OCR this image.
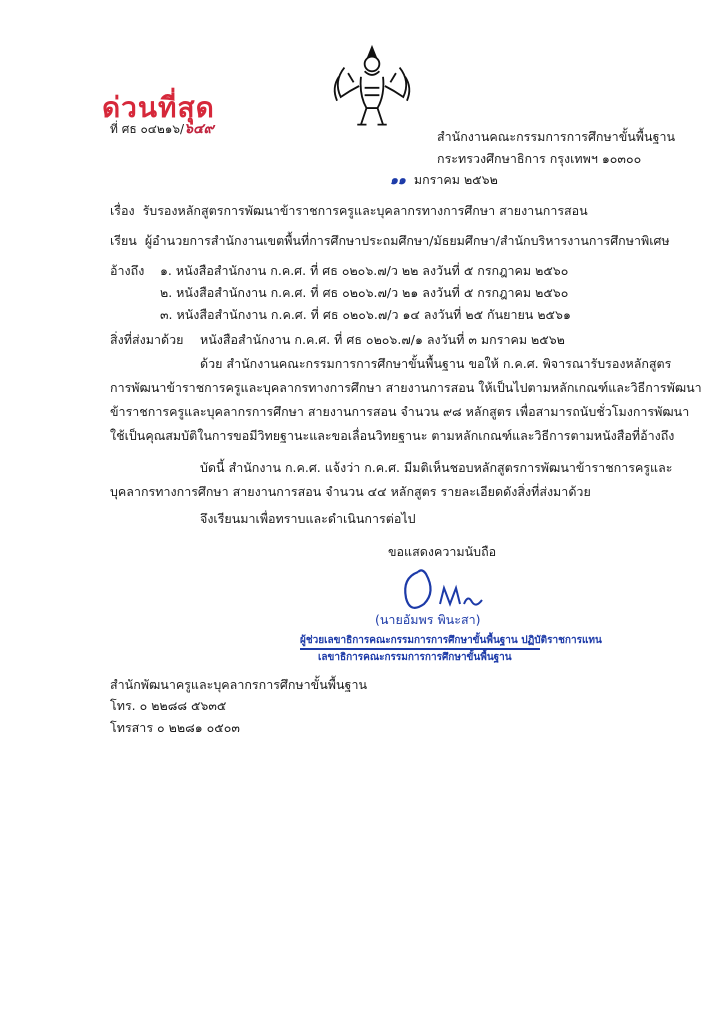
ด่วนที่สุด
ที่ ศธ ๐๔๒๑๖/๖๔๙	สำนักงานคณะกรรมการการศึกษาขั้นพื้นฐาน
กระทรวงศึกษาธิการ กรุงเทพฯ ๑๐๓๐๐
๑๑ มกราคม ๒๕๖๒
เรื่อง รับรองหลักสูตรการพัฒนาข้าราชการครูและบุคลากรทางการศึกษา สายงานการสอน
เรียน ผู้อำนวยการสำนักงานเขตพื้นที่การศึกษาประถมศึกษา/มัธยมศึกษา/สำนักบริหารงานการศึกษาพิเศษ
อ้างถึง ๑. หนังสือสำนักงาน ก.ค.ศ. ที่ ศธ ๐๒๐๖.๗/ว ๒๒ ลงวันที่ ๕ กรกฎาคม ๒๕๖๐
๒. หนังสือสำนักงาน ก.ค.ศ. ที่ ศธ ๐๒๐๖.๗/ว ๒๑ ลงวันที่ ๕ กรกฎาคม ๒๕๖๐
๓. หนังสือสำนักงาน ก.ค.ศ. ที่ ศธ ๐๒๐๖.๗/ว ๑๔ ลงวันที่ ๒๕ กันยายน ๒๕๖๑
สิ่งที่ส่งมาด้วย หนังสือสำนักงาน ก.ค.ศ. ที่ ศธ ๐๒๐๖.๗/๑ ลงวันที่ ๓ มกราคม ๒๕๖๒
ด้วย สำนักงานคณะกรรมการการศึกษาขั้นพื้นฐาน ขอให้ ก.ค.ศ. พิจารณารับรองหลักสูตร
การพัฒนาข้าราชการครูและบุคลากรทางการศึกษา สายงานการสอน ให้เป็นไปตามหลักเกณฑ์และวิธีการพัฒนา
ข้าราชการครูและบุคลากรการศึกษา สายงานการสอน จำนวน ๙๘ หลักสูตร เพื่อสามารถนับชั่วโมงการพัฒนา
ใช้เป็นคุณสมบัติในการขอมีวิทยฐานะและขอเลื่อนวิทยฐานะ ตามหลักเกณฑ์และวิธีการตามหนังสือที่อ้างถึง
บัดนี้ สำนักงาน ก.ค.ศ. แจ้งว่า ก.ค.ศ. มีมติเห็นชอบหลักสูตรการพัฒนาข้าราชการครูและ
บุคลากรทางการศึกษา สายงานการสอน จำนวน ๔๔ หลักสูตร รายละเอียดดังสิ่งที่ส่งมาด้วย
จึงเรียนมาเพื่อทราบและดำเนินการต่อไป
ขอแสดงความนับถือ
(นายอัมพร พินะสา)
ผู้ช่วยเลขาธิการคณะกรรมการการศึกษาขั้นพื้นฐาน ปฏิบัติราชการแทน
เลขาธิการคณะกรรมการการศึกษาขั้นพื้นฐาน
สำนักพัฒนาครูและบุคลากรการศึกษาขั้นพื้นฐาน
โทร. ๐ ๒๒๘๘ ๕๖๓๕
โทรสาร ๐ ๒๒๘๑ ๐๕๐๓
